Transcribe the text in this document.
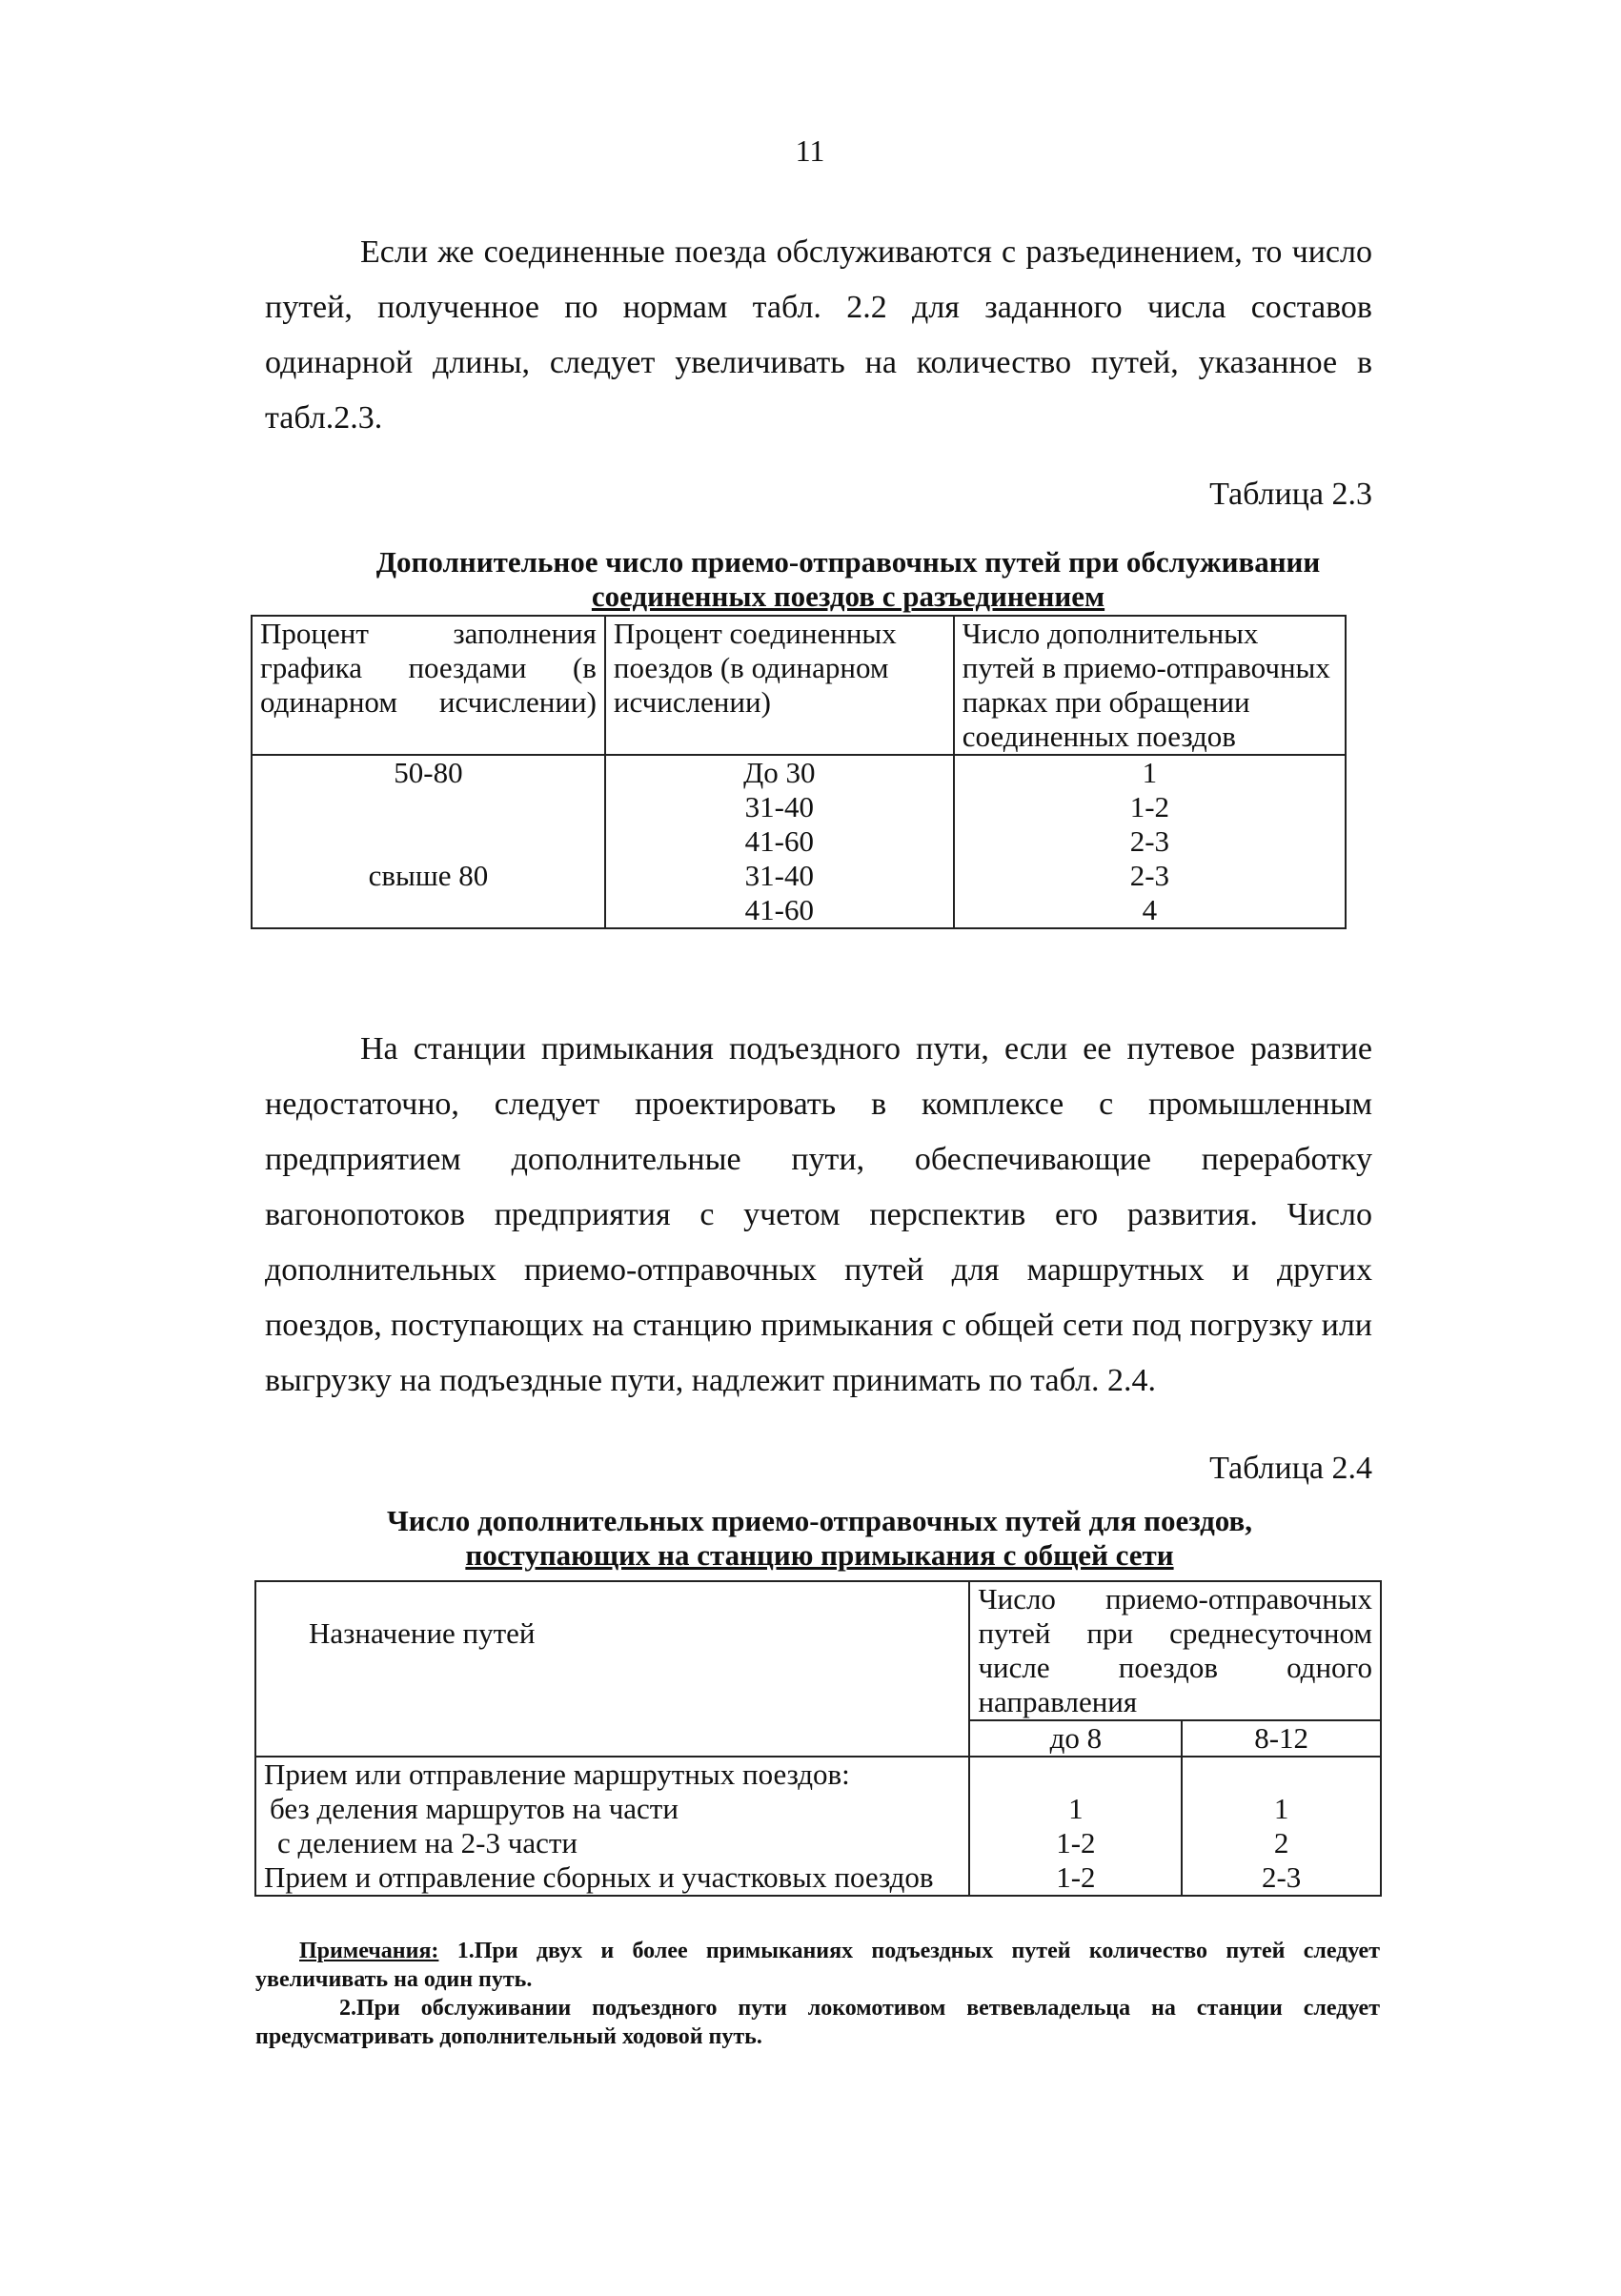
11

Если же соединенные поезда обслуживаются с разъединением, то число путей, полученное по нормам табл. 2.2 для заданного числа составов одинарной длины, следует увеличивать на количество путей, указанное в табл.2.3.

Таблица 2.3
Дополнительное число приемо-отправочных путей при обслуживании
соединенных поездов с разъединением
Процент заполнения графика поездами (в одинарном исчислении)	Процент соединенных поездов (в одинарном исчислении)	Число дополнительных путей в приемо-отправочных парках при обращении соединенных поездов
50-80	До 30	1
	31-40	1-2
	41-60	2-3
свыше 80	31-40	2-3
	41-60	4

На станции примыкания подъездного пути, если ее путевое развитие недостаточно, следует проектировать в комплексе с промышленным предприятием дополнительные пути, обеспечивающие переработку вагонопотоков предприятия с учетом перспектив его развития. Число дополнительных приемо-отправочных путей для маршрутных и других поездов, поступающих на станцию примыкания с общей сети под погрузку или выгрузку на подъездные пути, надлежит принимать по табл. 2.4.

Таблица 2.4
Число дополнительных приемо-отправочных путей для поездов,
поступающих на станцию примыкания с общей сети
Назначение путей	Число приемо-отправочных путей при среднесуточном числе поездов одного направления	
	до 8	8-12
Прием или отправление маршрутных поездов:		
без деления маршрутов на части	1	1
с делением на 2-3 части	1-2	2
Прием и отправление сборных и участковых поездов	1-2	2-3

Примечания: 1.При двух и более примыканиях подъездных путей количество путей следует увеличивать на один путь.

2.При обслуживании подъездного пути локомотивом ветвевладельца на станции следует предусматривать дополнительный ходовой путь.
